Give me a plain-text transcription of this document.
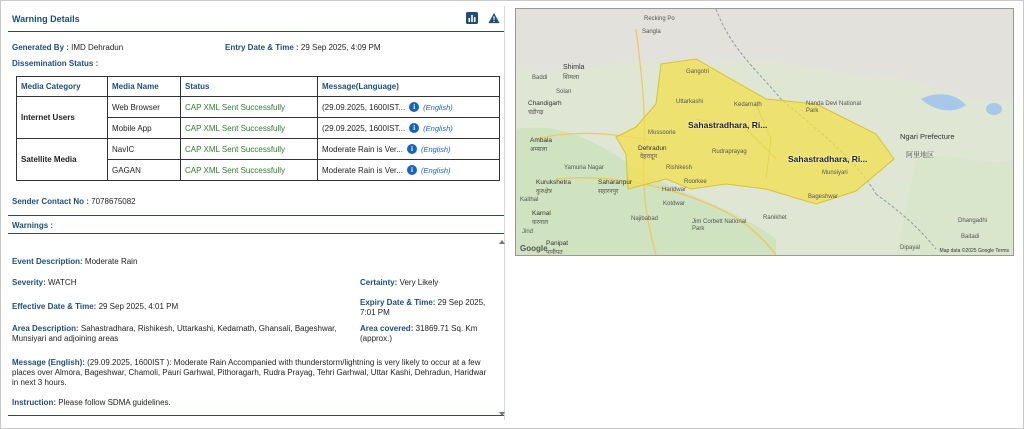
Warning Details
Generated By : IMD Dehradun	Entry Date & Time : 29 Sep 2025, 4:09 PM
Dissemination Status :
Media Category	Media Name	Status	Message(Language)
Internet Users	Web Browser	CAP XML Sent Successfully	(29.09.2025, 1600IST... i (English)

	Mobile App	CAP XML Sent Successfully	(29.09.2025, 1600IST... i (English)

Satellite Media	NavIC	CAP XML Sent Successfully	Moderate Rain is Ver... i (English)

	GAGAN	CAP XML Sent Successfully	Moderate Rain is Ver... i (English)
Sender Contact No : 7078675082
Warnings :
Event Description: Moderate Rain
Severity: WATCH	Certainty: Very Likely
Effective Date & Time: 29 Sep 2025, 4:01 PM	Expiry Date & Time: 29 Sep 2025, 7:01 PM
Area Description: Sahastradhara, Rishikesh, Uttarkashi, Kedarnath, Ghansali, Bageshwar, Munsiyari and adjoining areas
Area covered: 31869.71 Sq. Km (approx.)
Message (English): (29.09.2025, 1600IST ): Moderate Rain Accompanied with thunderstorm/lightning is very likely to occur at a few places over Almora, Bageshwar, Chamoli, Pauri Garhwal, Pithoragarh, Rudra Prayag, Tehri Garhwal, Uttar Kashi, Dehradun, Haridwar in next 3 hours.
Instruction: Please follow SDMA guidelines.
Recking Po
Sangla
Shimla
शिमला
Chandigarh
चंडीगढ़
Ambala
अम्बाला
Kurukshetra
कुरुक्षेत्र
Saharanpur
सहारनपुर
Karnal
करनाल
Panipat
पानीपत
Dehradun
देहरादून
Mussoorie
Rishikesh
Uttarkashi	Kedarnath
Rudraprayag
Nanda Devi National Park
Ngari Prefecture
阿里地区
Munsiyari
Bageshwar
Kotdwar
Najibabad	Jim Corbett National Park
Ranikhet
Dipayal
Baitadi
Dhangadhi
Yamuna Nagar
Roorkee
Haridwar
Gangotri
Solan
Baddi
Kaithal
Jind
Sahastradhara, Ri...
Sahastradhara, Ri...
Google	Map data ©2025 Google Terms
